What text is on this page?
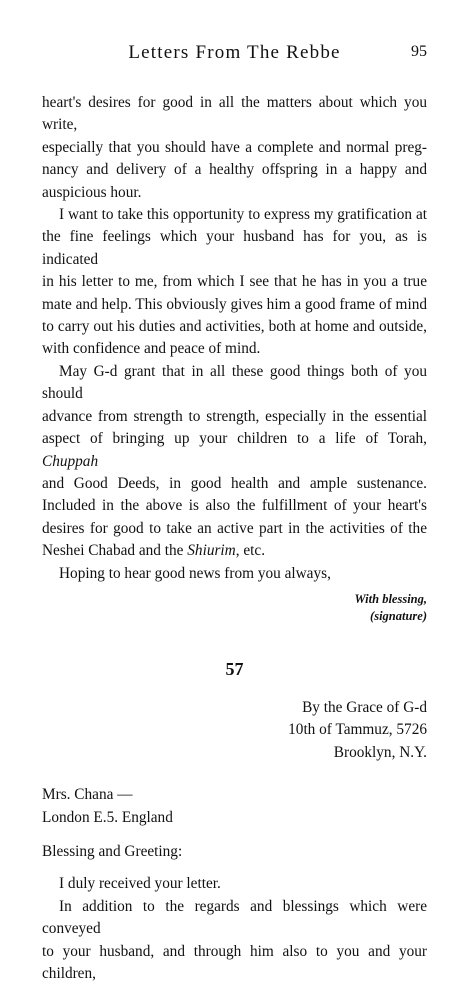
Letters From The Rebbe	95

heart's desires for good in all the matters about which you write,
especially that you should have a complete and normal preg-
nancy and delivery of a healthy offspring in a happy and
auspicious hour.

I want to take this opportunity to express my gratification at
the fine feelings which your husband has for you, as is indicated
in his letter to me, from which I see that he has in you a true
mate and help. This obviously gives him a good frame of mind
to carry out his duties and activities, both at home and outside,
with confidence and peace of mind.

May G-d grant that in all these good things both of you should
advance from strength to strength, especially in the essential
aspect of bringing up your children to a life of Torah, Chuppah
and Good Deeds, in good health and ample sustenance.
Included in the above is also the fulfillment of your heart's
desires for good to take an active part in the activities of the
Neshei Chabad and the Shiurim, etc.

Hoping to hear good news from you always,

With blessing,
(signature)
57
By the Grace of G-d
10th of Tammuz, 5726
Brooklyn, N.Y.
Mrs. Chana —
London E.5. England
Blessing and Greeting:

I duly received your letter.

In addition to the regards and blessings which were conveyed
to your husband, and through him also to you and your children,
